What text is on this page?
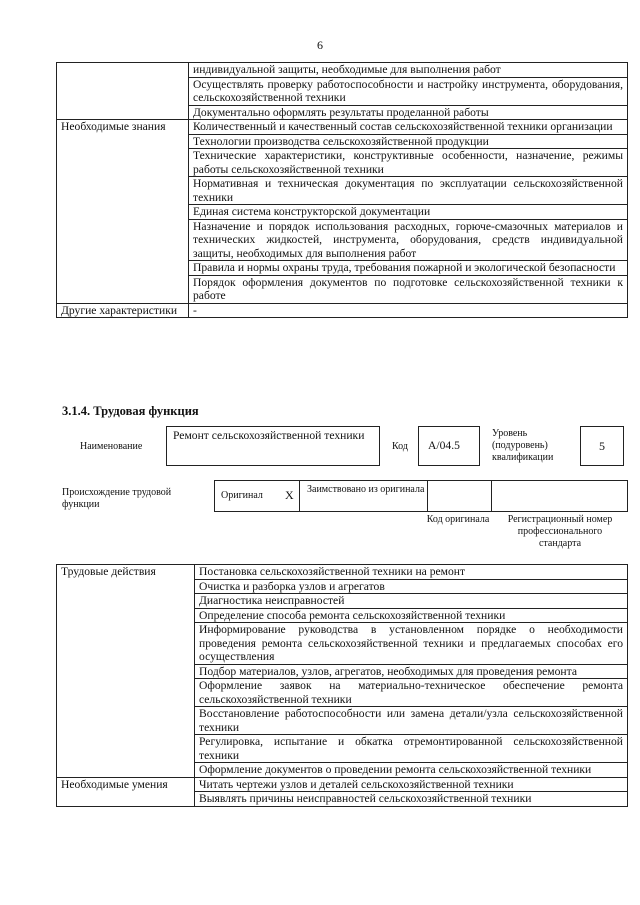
6
	индивидуальной защиты, необходимые для выполнения работ
	Осуществлять проверку работоспособности и настройку инструмента, оборудования, сельскохозяйственной техники
	Документально оформлять результаты проделанной работы
Необходимые знания	Количественный и качественный состав сельскохозяйственной техники организации
	Технологии производства сельскохозяйственной продукции
	Технические характеристики, конструктивные особенности, назначение, режимы работы сельскохозяйственной техники
	Нормативная и техническая документация по эксплуатации сельскохозяйственной техники
	Единая система конструкторской документации
	Назначение и порядок использования расходных, горюче-смазочных материалов и технических жидкостей, инструмента, оборудования, средств индивидуальной защиты, необходимых для выполнения работ
	Правила и нормы охраны труда, требования пожарной и экологической безопасности
	Порядок оформления документов по подготовке сельскохозяйственной техники к работе
Другие характеристики	-
3.1.4. Трудовая функция
Наименование
Ремонт сельскохозяйственной техники
Код	A/04.5
Уровень (подуровень) квалификации
5
Происхождение трудовой функции
Оригинал X Заимствовано из оригинала
Код оригинала	Регистрационный номер профессионального стандарта
Трудовые действия	Постановка сельскохозяйственной техники на ремонт
	Очистка и разборка узлов и агрегатов
	Диагностика неисправностей
	Определение способа ремонта сельскохозяйственной техники
	Информирование руководства в установленном порядке о необходимости проведения ремонта сельскохозяйственной техники и предлагаемых способах его осуществления
	Подбор материалов, узлов, агрегатов, необходимых для проведения ремонта
	Оформление заявок на материально-техническое обеспечение ремонта сельскохозяйственной техники
	Восстановление работоспособности или замена детали/узла сельскохозяйственной техники
	Регулировка, испытание и обкатка отремонтированной сельскохозяйственной техники
	Оформление документов о проведении ремонта сельскохозяйственной техники
Необходимые умения	Читать чертежи узлов и деталей сельскохозяйственной техники
	Выявлять причины неисправностей сельскохозяйственной техники
